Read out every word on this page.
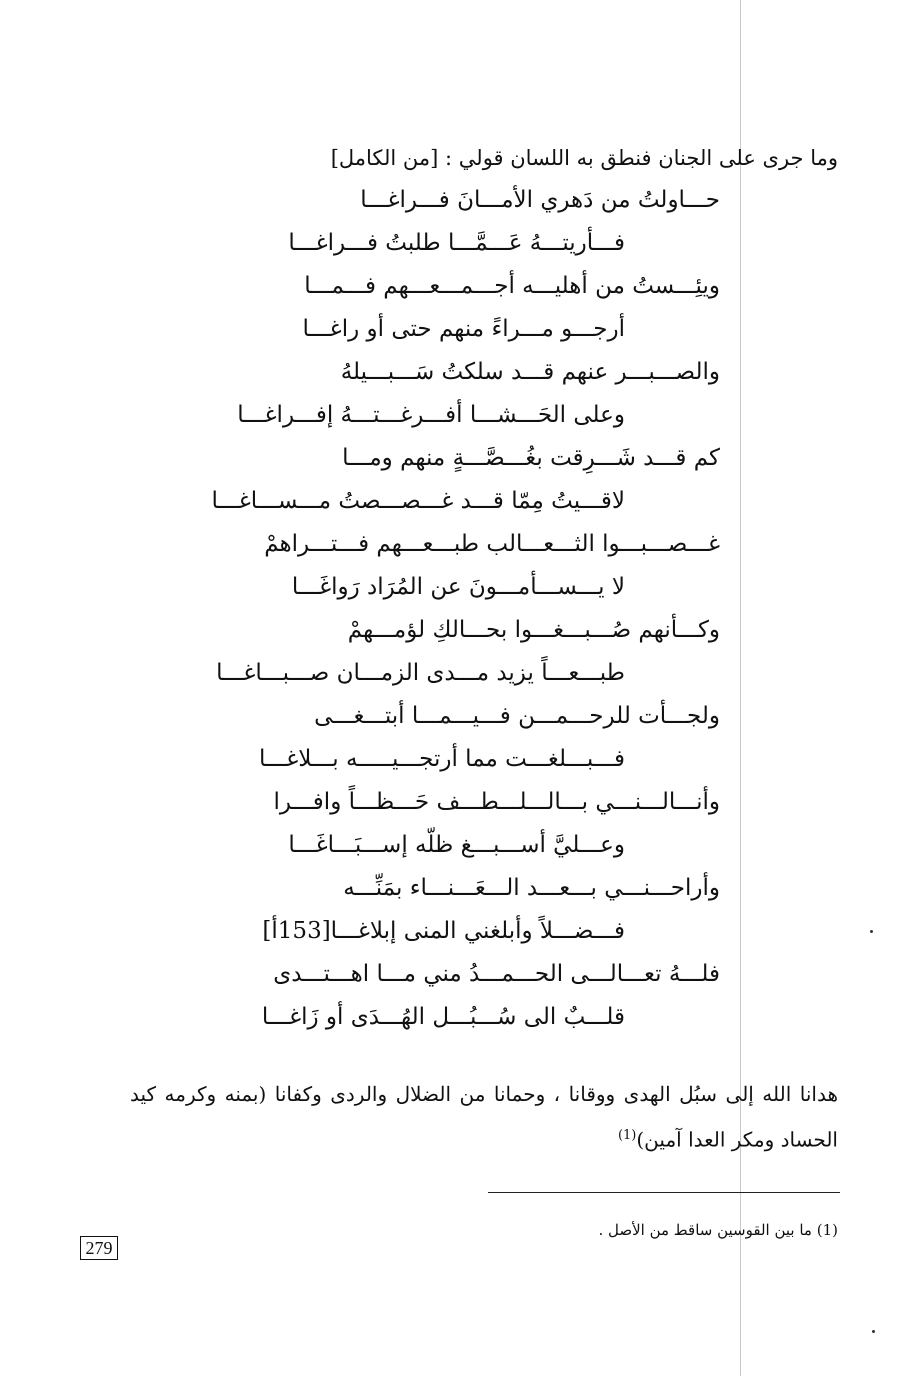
وما جرى على الجنان فنطق به اللسان قولي : [من الكامل]
حـــاولتُ من دَهري الأمـــانَ فـــراغـــا
فـــأريتـــهُ عَـــمَّـــا طلبتُ فـــراغـــا
ويئِـــستُ من أهليـــه أجـــمـــعـــهم فـــمـــا
أرجـــو مـــراءً منهم حتى أو راغـــا
والصـــبـــر عنهم قـــد سلكتُ سَـــبـــيلهُ
وعلى الحَـــشـــا أفـــرغـــتـــهُ إفـــراغـــا
كم قـــد شَـــرِقت بغُـــصَّـــةٍ منهم ومـــا
لاقـــيتُ مِمّا قـــد غـــصـــصتُ مـــســـاغـــا
غـــصـــبـــوا الثـــعـــالب طبـــعـــهم فـــتـــراهمْ
لا يـــســـأمـــونَ عن المُرَاد رَواغَـــا
وكـــأنهم صُـــبـــغـــوا بحـــالكِ لؤمـــهمْ
طبـــعـــاً يزيد مـــدى الزمـــان صـــبـــاغـــا
ولجـــأت للرحـــمـــن فـــيـــمـــا أبتـــغـــى
فـــبـــلغـــت مما أرتجـــيـــــه بـــلاغـــا
وأنـــالـــنـــي بـــالـــلـــطـــف حَـــظـــاً وافـــرا
وعـــليَّ أســـبـــغ ظلّه إســـبَـــاغَـــا
وأراحـــنـــي بـــعـــد الـــعَـــنـــاء بمَنِّـــه
فـــضـــلاً وأبلغني المنى إبلاغـــا[153أ]
فلـــهُ تعـــالـــى الحـــمـــدُ مني مـــا اهـــتـــدى
قلـــبٌ الى سُـــبُـــل الهُـــدَى أو زَاغـــا
هدانا الله إلى سبُل الهدى ووقانا ، وحمانا من الضلال والردى وكفانا (بمنه وكرمه كيد الحساد ومكر العدا آمين)$^{(1)}$
(1) ما بين القوسين ساقط من الأصل .
279
